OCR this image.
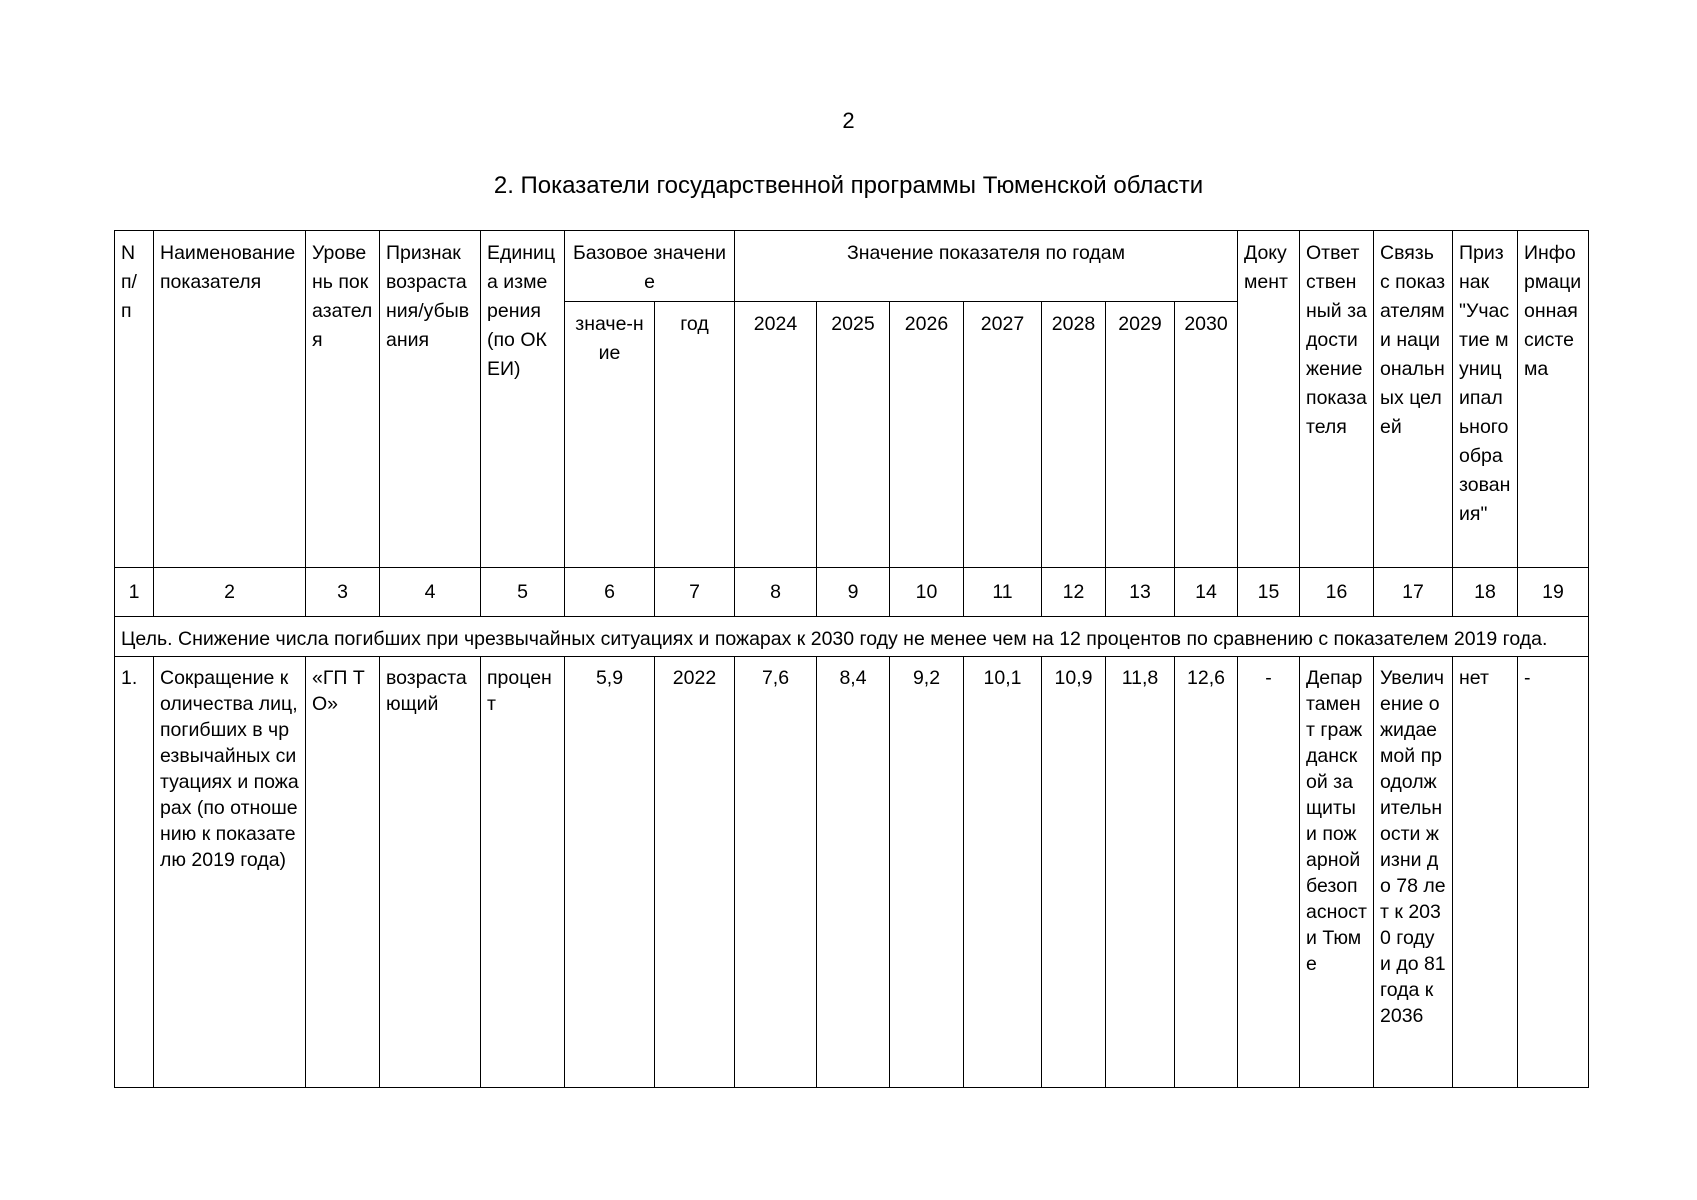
2
2. Показатели государственной программы Тюменской области
N п/п	Наименование показателя	Уровень показателя	Признак возрастания/убывания	Единица измерения (по ОКЕИ)	Базовое значение		Значение показателя по годам							Документ	Ответственный за достижение показателя	Связь с показателями национальных целей	Признак "Участие муниципального образования"	Информационная система
					значе-ние	год	2024	2025	2026	2027	2028	2029	2030					
1	2	3	4	5	6	7	8	9	10	11	12	13	14	15	16	17	18	19
Цель. Снижение числа погибших при чрезвычайных ситуациях и пожарах к 2030 году не менее чем на 12 процентов по сравнению с показателем 2019 года.																		
1.	Сокращение количества лиц, погибших в чрезвычайных ситуациях и пожарах (по отношению к показателю 2019 года)	«ГП ТО»	возрастающий	процент	5,9	2022	7,6	8,4	9,2	10,1	10,9	11,8	12,6	-	Департамент гражданской защиты и пожарной безопасности Тюме	Увеличение ожидаемой продолжительности жизни до 78 лет к 2030 году и до 81 года к 2036	нет	-
